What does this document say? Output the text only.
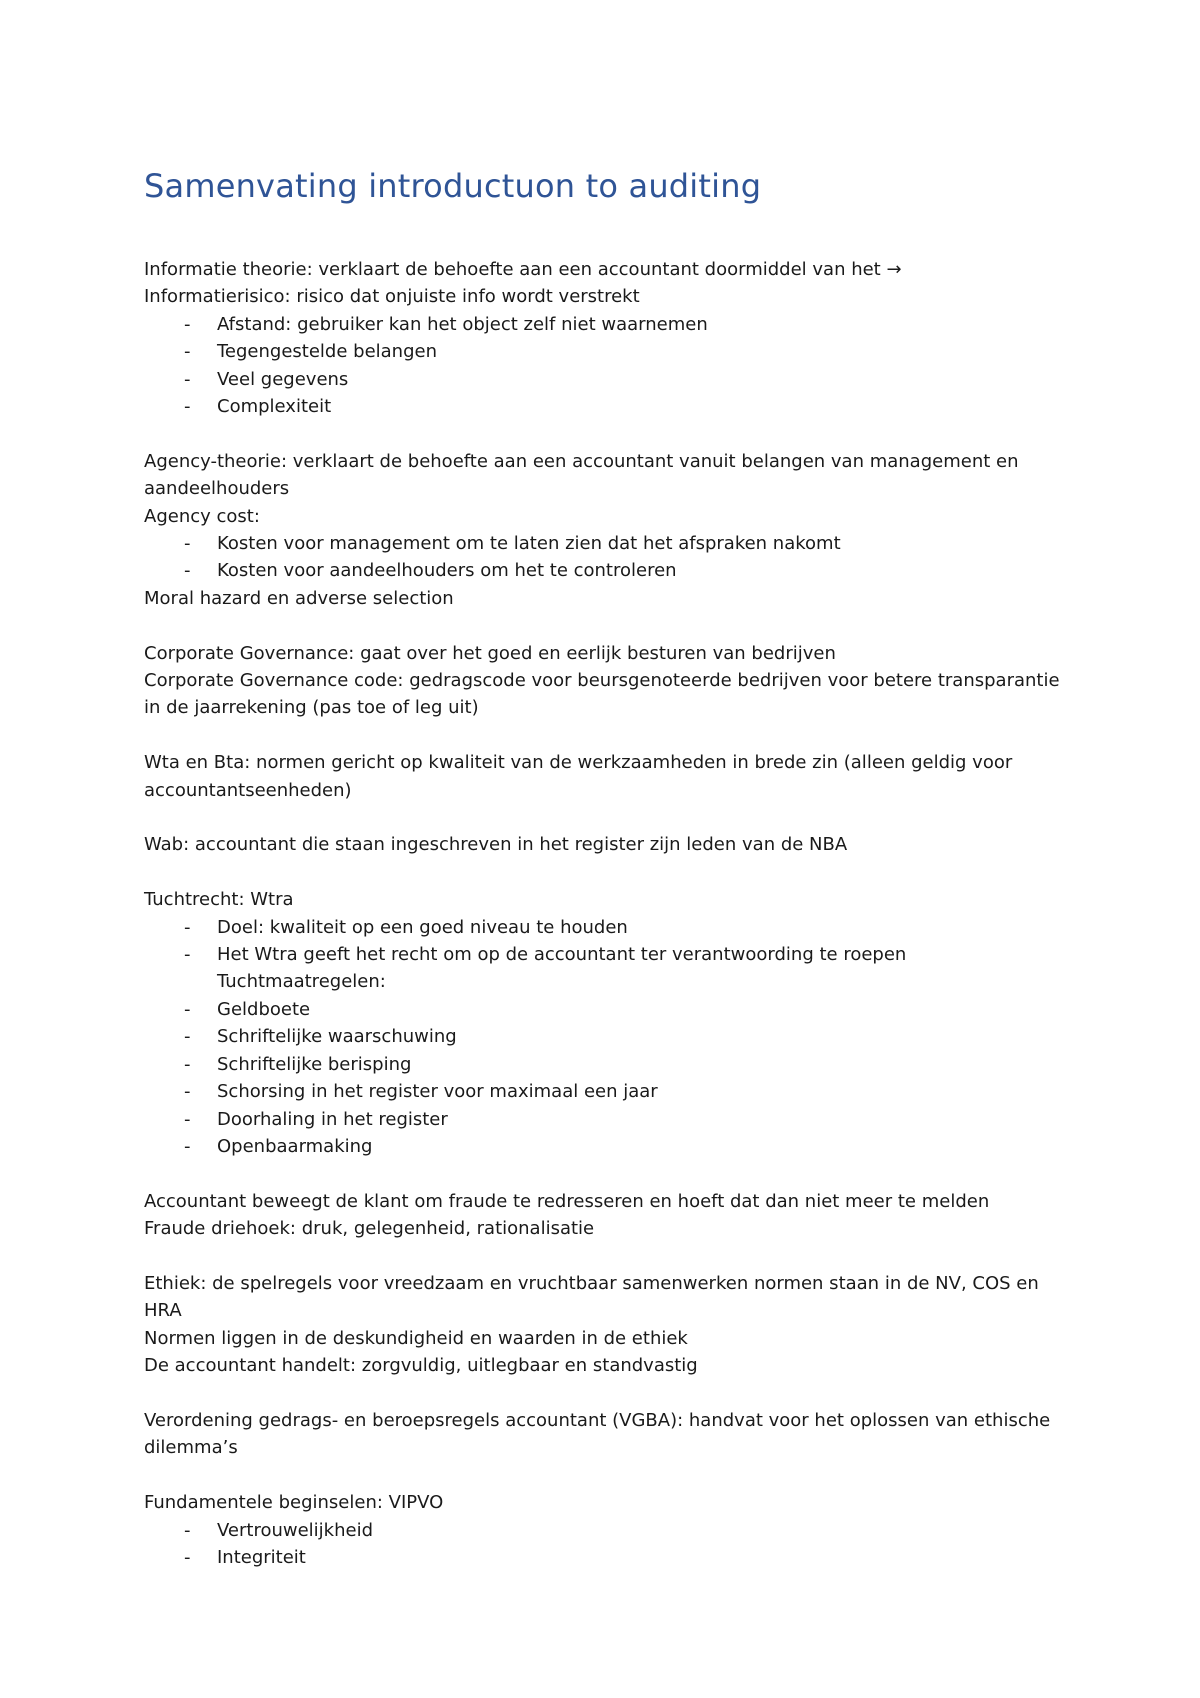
Samenvating introductuon to auditing

Informatie theorie: verklaart de behoefte aan een accountant doormiddel van het →

Informatierisico: risico dat onjuiste info wordt verstrekt

- Afstand: gebruiker kan het object zelf niet waarnemen
- Tegengestelde belangen
- Veel gegevens
- Complexiteit

Agency-theorie: verklaart de behoefte aan een accountant vanuit belangen van management en

aandeelhouders

Agency cost:

- Kosten voor management om te laten zien dat het afspraken nakomt
- Kosten voor aandeelhouders om het te controleren

Moral hazard en adverse selection

Corporate Governance: gaat over het goed en eerlijk besturen van bedrijven

Corporate Governance code: gedragscode voor beursgenoteerde bedrijven voor betere transparantie

in de jaarrekening (pas toe of leg uit)

Wta en Bta: normen gericht op kwaliteit van de werkzaamheden in brede zin (alleen geldig voor

accountantseenheden)

Wab: accountant die staan ingeschreven in het register zijn leden van de NBA

Tuchtrecht: Wtra

- Doel: kwaliteit op een goed niveau te houden
- Het Wtra geeft het recht om op de accountant ter verantwoording te roepen
Tuchtmaatregelen:
- Geldboete
- Schriftelijke waarschuwing
- Schriftelijke berisping
- Schorsing in het register voor maximaal een jaar
- Doorhaling in het register
- Openbaarmaking

Accountant beweegt de klant om fraude te redresseren en hoeft dat dan niet meer te melden

Fraude driehoek: druk, gelegenheid, rationalisatie

Ethiek: de spelregels voor vreedzaam en vruchtbaar samenwerken normen staan in de NV, COS en

HRA

Normen liggen in de deskundigheid en waarden in de ethiek

De accountant handelt: zorgvuldig, uitlegbaar en standvastig

Verordening gedrags- en beroepsregels accountant (VGBA): handvat voor het oplossen van ethische

dilemma’s

Fundamentele beginselen: VIPVO

- Vertrouwelijkheid
- Integriteit
